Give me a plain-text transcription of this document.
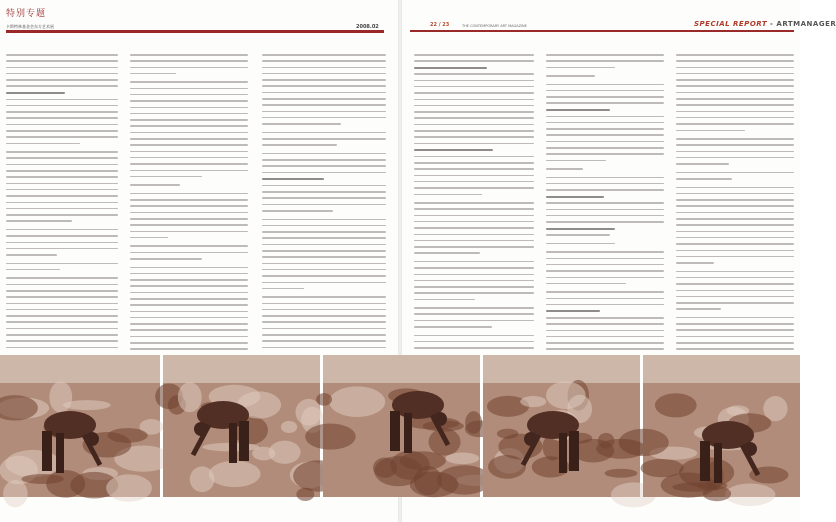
特别专题
卡斯特林基金会东方艺术展	2008.02	22 / 23	THE CONTEMPORARY ART MAGAZINE	SPECIAL REPORT - ARTMANAGER
